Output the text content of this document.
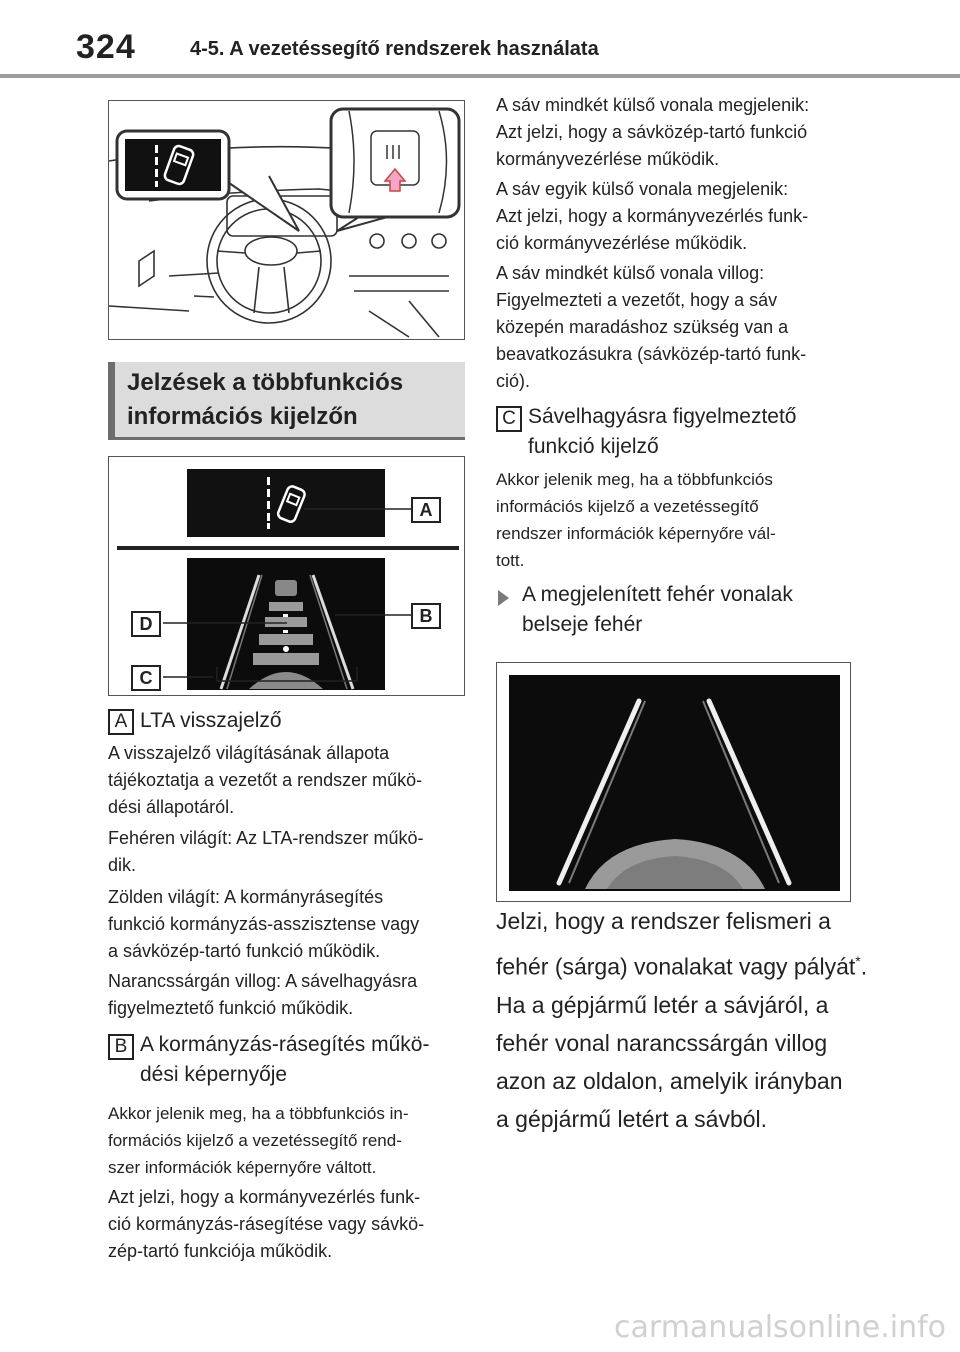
324	4-5. A vezetéssegítő rendszerek használata
Jelzések a többfunkciós
információs kijelzőn
A
B
D
C
A LTA visszajelző
A visszajelző világításának állapota
tájékoztatja a vezetőt a rendszer műkö-
dési állapotáról.
Fehéren világít: Az LTA-rendszer műkö-
dik.
Zölden világít: A kormányrásegítés
funkció kormányzás-asszisztense vagy
a sávközép-tartó funkció működik.
Narancssárgán villog: A sávelhagyásra
figyelmeztető funkció működik.
B A kormányzás-rásegítés műkö-
dési képernyője
Akkor jelenik meg, ha a többfunkciós in-
formációs kijelző a vezetéssegítő rend-
szer információk képernyőre váltott.
Azt jelzi, hogy a kormányvezérlés funk-
ció kormányzás-rásegítése vagy sávkö-
zép-tartó funkciója működik.
A sáv mindkét külső vonala megjelenik:
Azt jelzi, hogy a sávközép-tartó funkció
kormányvezérlése működik.
A sáv egyik külső vonala megjelenik:
Azt jelzi, hogy a kormányvezérlés funk-
ció kormányvezérlése működik.
A sáv mindkét külső vonala villog:
Figyelmezteti a vezetőt, hogy a sáv
közepén maradáshoz szükség van a
beavatkozásukra (sávközép-tartó funk-
ció).
C Sávelhagyásra figyelmeztető
funkció kijelző
Akkor jelenik meg, ha a többfunkciós
információs kijelző a vezetéssegítő
rendszer információk képernyőre vál-
tott.
A megjelenített fehér vonalak
belseje fehér
Jelzi, hogy a rendszer felismeri a
fehér (sárga) vonalakat vagy pályát*.
Ha a gépjármű letér a sávjáról, a
fehér vonal narancssárgán villog
azon az oldalon, amelyik irányban
a gépjármű letért a sávból.
carmanualsonline.info
